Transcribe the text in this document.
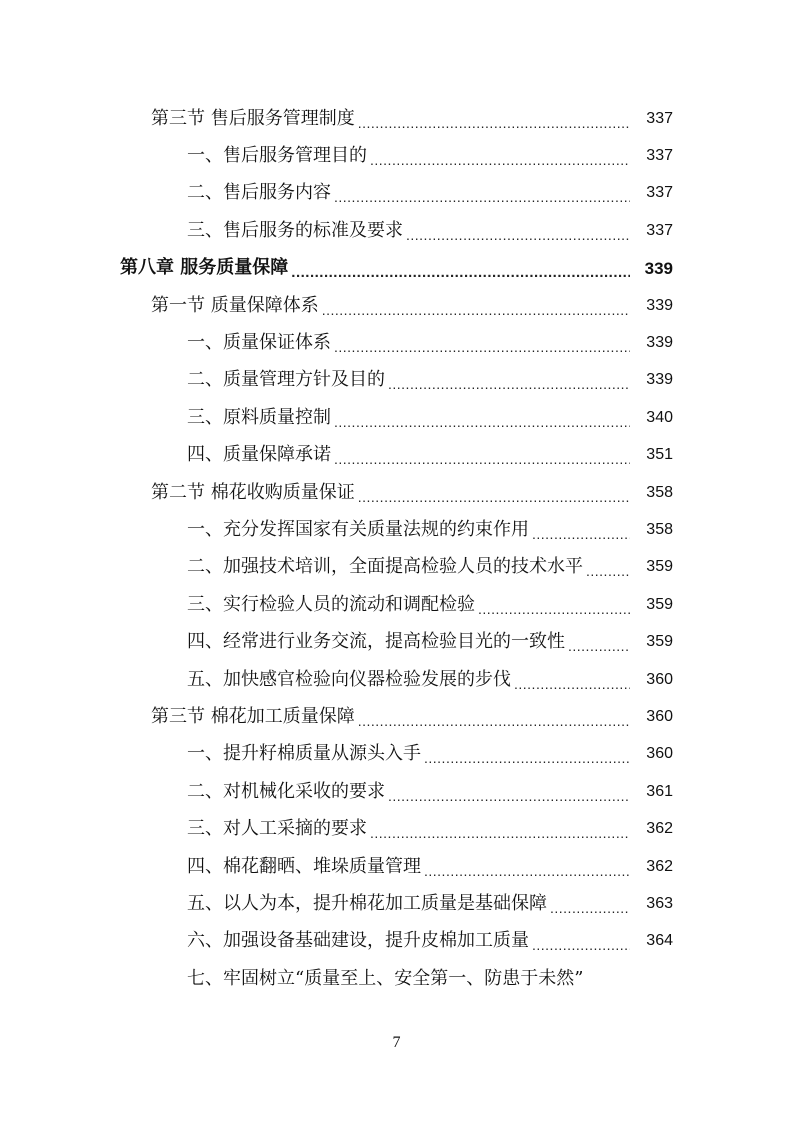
第三节 售后服务管理制度 .....	337
一、售后服务管理目的 .....	337
二、售后服务内容 .....	337
三、售后服务的标准及要求 .....	337
第八章 服务质量保障 .....	339
第一节 质量保障体系 .....	339
一、质量保证体系 .....	339
二、质量管理方针及目的 .....	339
三、原料质量控制 .....	340
四、质量保障承诺 .....	351
第二节 棉花收购质量保证 .....	358
一、充分发挥国家有关质量法规的约束作用 .....	358
二、加强技术培训，全面提高检验人员的技术水平 .....	359
三、实行检验人员的流动和调配检验 .....	359
四、经常进行业务交流，提高检验目光的一致性 .....	359
五、加快感官检验向仪器检验发展的步伐 .....	360
第三节 棉花加工质量保障 .....	360
一、提升籽棉质量从源头入手 .....	360
二、对机械化采收的要求 .....	361
三、对人工采摘的要求 .....	362
四、棉花翻晒、堆垛质量管理 .....	362
五、以人为本，提升棉花加工质量是基础保障 .....	363
六、加强设备基础建设，提升皮棉加工质量 .....	364
七、牢固树立“质量至上、安全第一、防患于未然”
7
